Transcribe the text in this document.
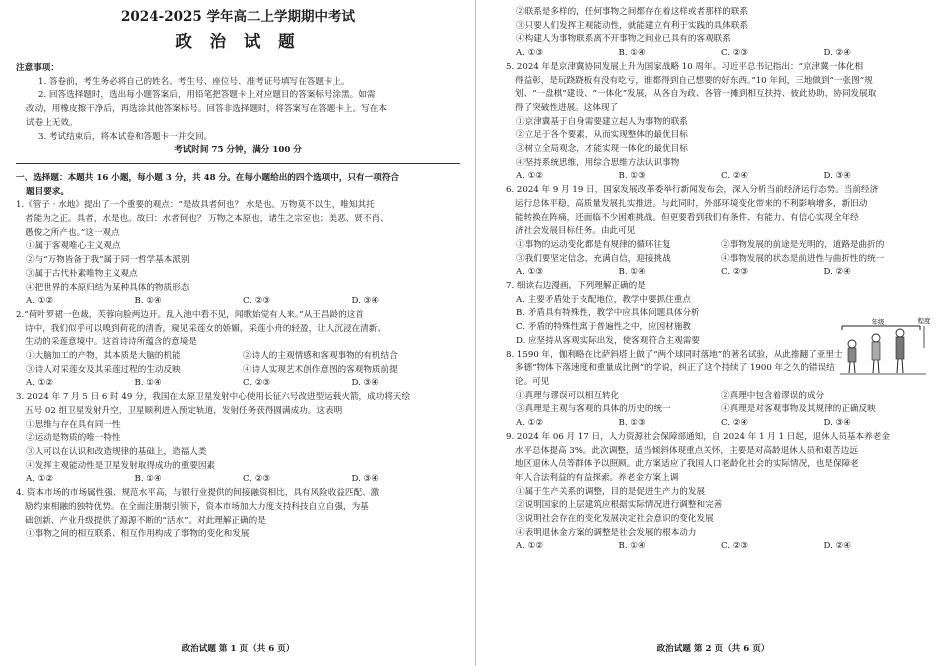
2024-2025 学年高二上学期期中考试
政 治 试 题
注意事项：
1. 答卷前，考生务必将自己的姓名、考生号、座位号、准考证号填写在答题卡上。
2. 回答选择题时，选出每小题答案后，用铅笔把答题卡上对应题目的答案标号涂黑。如需
改动，用橡皮擦干净后，再选涂其他答案标号。回答非选择题时，将答案写在答题卡上。写在本
试卷上无效。
3. 考试结束后，将本试卷和答题卡一并交回。
考试时间 75 分钟，满分 100 分
一、选择题：本题共 16 小题，每小题 3 分，共 48 分。在每小题给出的四个选项中，只有一项符合
题目要求。
1.《管子 · 水地》提出了一个重要的观点：“是故具者何也？ 水是也。万物莫不以生，唯知其托
者能为之正。具者，水是也。故曰：水者何也？ 万物之本原也，诸生之宗室也；美恶、贤不肖、
愚俊之所产也。”这一观点
①属于客观唯心主义观点
②与“万物皆备于我”属于同一哲学基本派别
③属于古代朴素唯物主义观点
④把世界的本原归结为某种具体的物质形态
A. ①②	B. ①④	C. ②③	D. ③④
2.“荷叶罗裙一色裁，芙蓉向脸两边开。乱入池中看不见，闻歌始觉有人来。”从王昌龄的这首
诗中，我们似乎可以嗅到荷花的清香，窥见采莲女的娇媚，采莲小舟的轻盈，让人沉浸在清新、
生动的采莲意境中。这首诗诗所蕴含的意境是
①大脑加工的产物，其本质是大脑的机能	②诗人的主观情感和客观事物的有机结合
③诗人对采莲女及其采莲过程的生动反映	④诗人实现艺术创作意图的客观物质前提
A. ①②	B. ①④	C. ②③	D. ③④
3. 2024 年 7 月 5 日 6 时 49 分，我国在太原卫星发射中心使用长征六号改进型运载火箭，成功将天绘
五号 02 组卫星发射升空，卫星顺利进入预定轨道，发射任务获得圆满成功。这表明
①思维与存在具有同一性
②运动是物质的唯一特性
③人可以在认识和改造规律的基础上，造福人类
④发挥主观能动性是卫星发射取得成功的重要因素
A. ①②	B. ①④	C. ②③	D. ③④
4. 资本市场的市场属性强、规范水平高，与银行业提供的间接融资相比，具有风险收益匹配、激
励约束相融的独特优势。在全面注册制引领下，资本市场加大力度支持科技自立自强，为基
础创新、产业升级提供了源源不断的“活水”。对此理解正确的是
①事物之间的相互联系、相互作用构成了事物的变化和发展
政治试题 第 1 页（共 6 页）
②联系是多样的，任何事物之间都存在着这样或者那样的联系
③只要人们发挥主观能动性，就能建立有利于实践的具体联系
④构建人为事物联系离不开事物之间业已具有的客观联系
A. ①③	B. ①④	C. ②③	D. ②④
5. 2024 年是京津冀协同发展上升为国家战略 10 周年。习近平总书记指出：“京津冀一体化相
得益彰，是玩跷跷板有没有吃亏，谁都得到自己想要的好东西。”10 年间，三地做到“一张图”规
划、“一盘棋”建设、“一体化”发展，从各自为政、各管一摊到相互扶持、彼此协助，协同发展取
得了突破性进展。这体现了
①京津冀基于自身需要建立起人为事物的联系
②立足于各个要素，从而实现整体的最优目标
③树立全局观念，才能实现一体化的最优目标
④坚持系统思维，用综合思维方法认识事物
A. ①②	B. ①③	C. ②④	D. ③④
6. 2024 年 9 月 19 日，国家发展改革委举行新闻发布会，深入分析当前经济运行态势。当前经济
运行总体平稳，高质量发展扎实推进。与此同时，外部环境变化带来的不利影响增多，新旧动
能转换在阵痛，还面临不少困难挑战。但更要看到我们有条件、有能力、有信心实现全年经
济社会发展目标任务。由此可见
①事物的运动变化都是有规律的循环往复	②事物发展的前途是光明的，道路是曲折的
③我们要坚定信念，充满自信，迎接挑战	④事物发展的状态是前进性与曲折性的统一
A. ①③	B. ①④	C. ②③	D. ②④
7. 细读右边漫画，下列理解正确的是
A. 主要矛盾处于支配地位，教学中要抓住重点
B. 矛盾具有特殊性，教学中应具体问题具体分析
C. 矛盾的特殊性寓于普遍性之中，应因材施教
D. 应坚持从客观实际出发，使客观符合主观需要
8. 1590 年，伽利略在比萨斜塔上做了“两个球同时落地”的著名试验，从此推翻了亚里士
多德“物体下落速度和重量成比例”的学说，纠正了这个持续了 1900 年之久的错误结
论。可见
①真理与谬误可以相互转化	②真理中包含着谬误的成分
③真理是主观与客观的具体的历史的统一	④真理是对客观事物及其规律的正确反映
A. ①②	B. ①③	C. ②④	D. ③④
9. 2024 年 06 月 17 日，人力资源社会保障部通知，自 2024 年 1 月 1 日起，退休人员基本养老金
水平总体提高 3%。此次调整，适当倾斜体现重点关怀，主要是对高龄退休人员和艰苦边远
地区退休人员等群体予以照顾。此方案适应了我国人口老龄化社会的实际情况，也是保障老
年人合法利益的有益探索。养老金方案上调
①属于生产关系的调整，目的是促进生产力的发展
②说明国家的上层建筑应根据实际情况进行调整和完善
③说明社会存在的变化发展决定社会意识的变化发展
④表明退休金方案的调整是社会发展的根本动力
A. ①②	B. ①④	C. ②③	D. ②④
年级	程度
政治试题 第 2 页（共 6 页）
